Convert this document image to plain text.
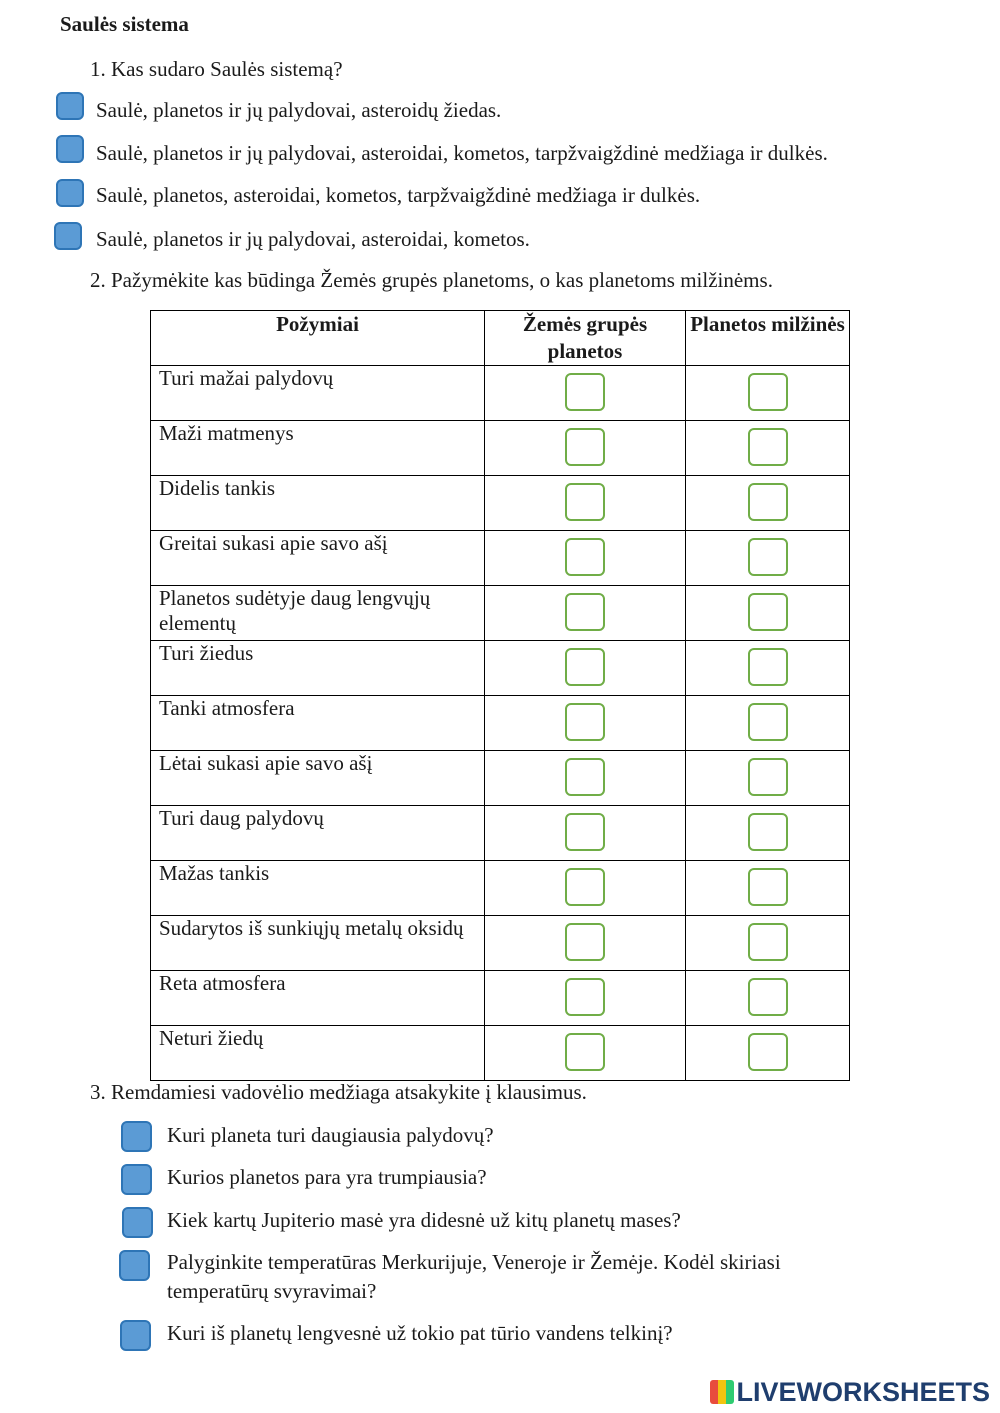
Saulės sistema
1. Kas sudaro Saulės sistemą?
Saulė, planetos ir jų palydovai, asteroidų žiedas.
Saulė, planetos ir jų palydovai, asteroidai, kometos, tarpžvaigždinė medžiaga ir dulkės.
Saulė, planetos, asteroidai, kometos, tarpžvaigždinė medžiaga ir dulkės.
Saulė, planetos ir jų palydovai, asteroidai, kometos.
2. Pažymėkite kas būdinga Žemės grupės planetoms, o kas planetoms milžinėms.
Požymiai	Žemės grupės planetos	Planetos milžinės
Turi mažai palydovų	

Maži matmenys	

Didelis tankis	

Greitai sukasi apie savo ašį	

Planetos sudėtyje daug lengvųjų elementų	

Turi žiedus	

Tanki atmosfera	

Lėtai sukasi apie savo ašį	

Turi daug palydovų	

Mažas tankis	

Sudarytos iš sunkiųjų metalų oksidų	

Reta atmosfera	

Neturi žiedų	

3. Remdamiesi vadovėlio medžiaga atsakykite į klausimus.
Kuri planeta turi daugiausia palydovų?
Kurios planetos para yra trumpiausia?
Kiek kartų Jupiterio masė yra didesnė už kitų planetų mases?
Palyginkite temperatūras Merkurijuje, Veneroje ir Žemėje. Kodėl skiriasi temperatūrų svyravimai?
Kuri iš planetų lengvesnė už tokio pat tūrio vandens telkinį?
LIVEWORKSHEETS
